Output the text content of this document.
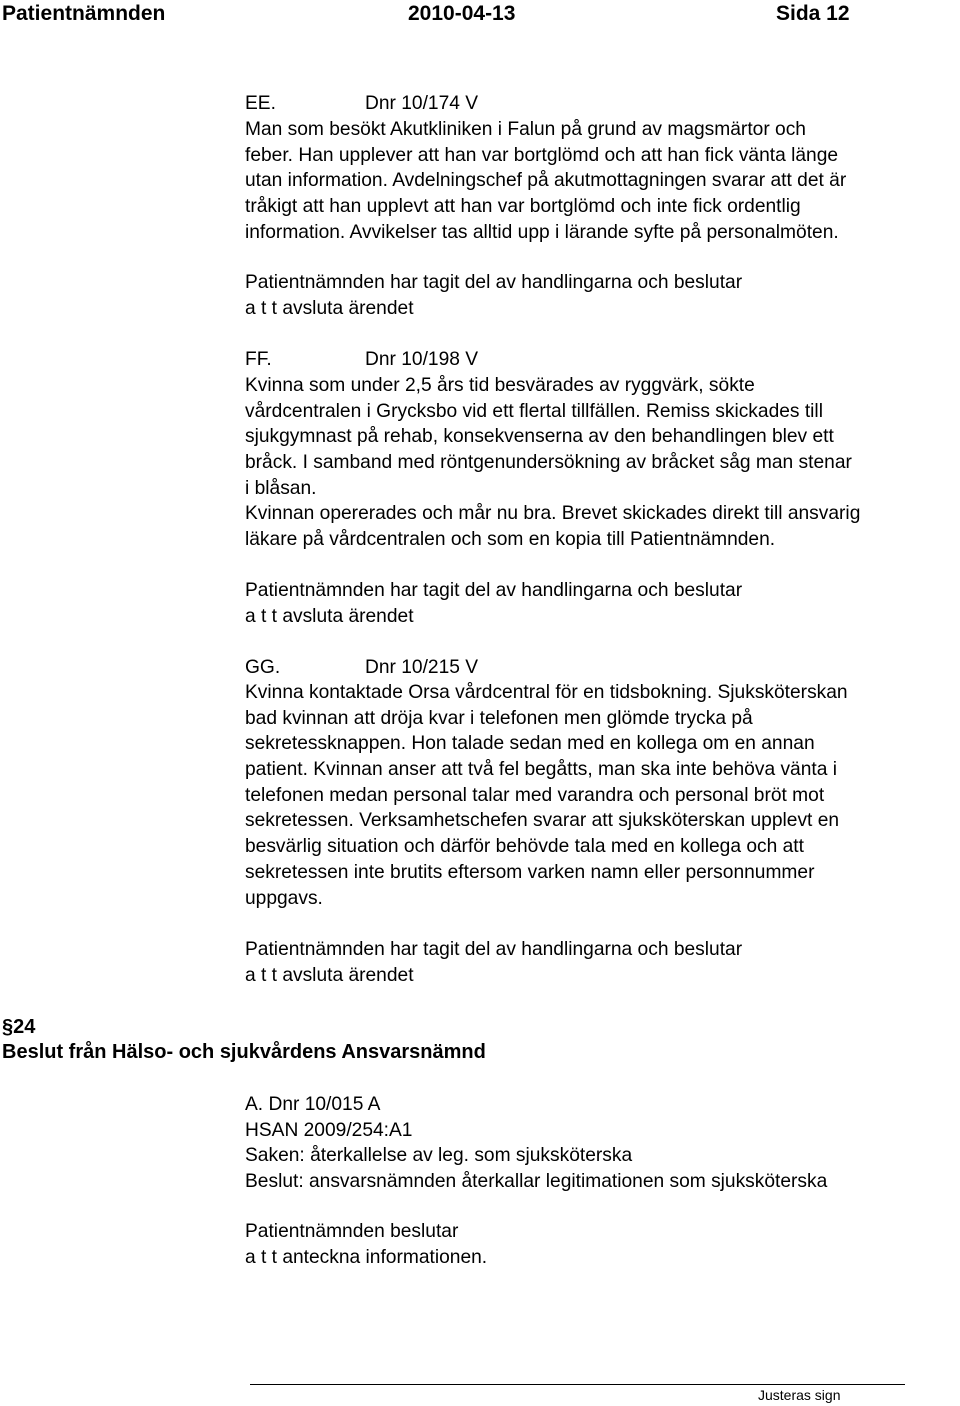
Patientnämnden	2010-04-13	Sida 12
EE.	Dnr 10/174 V
Man som besökt Akutkliniken i Falun på grund av magsmärtor och
feber. Han upplever att han var bortglömd och att han fick vänta länge
utan information. Avdelningschef på akutmottagningen svarar att det är
tråkigt att han upplevt att han var bortglömd och inte fick ordentlig
information. Avvikelser tas alltid upp i lärande syfte på personalmöten.
Patientnämnden har tagit del av handlingarna och beslutar
a t t avsluta ärendet
FF.	Dnr 10/198 V
Kvinna som under 2,5 års tid besvärades av ryggvärk, sökte
vårdcentralen i Grycksbo vid ett flertal tillfällen. Remiss skickades till
sjukgymnast på rehab, konsekvenserna av den behandlingen blev ett
bråck. I samband med röntgenundersökning av bråcket såg man stenar
i blåsan.
Kvinnan opererades och mår nu bra. Brevet skickades direkt till ansvarig
läkare på vårdcentralen och som en kopia till Patientnämnden.
Patientnämnden har tagit del av handlingarna och beslutar
a t t avsluta ärendet
GG.	Dnr 10/215 V
Kvinna kontaktade Orsa vårdcentral för en tidsbokning. Sjuksköterskan
bad kvinnan att dröja kvar i telefonen men glömde trycka på
sekretessknappen. Hon talade sedan med en kollega om en annan
patient. Kvinnan anser att två fel begåtts, man ska inte behöva vänta i
telefonen medan personal talar med varandra och personal bröt mot
sekretessen. Verksamhetschefen svarar att sjuksköterskan upplevt en
besvärlig situation och därför behövde tala med en kollega och att
sekretessen inte brutits eftersom varken namn eller personnummer
uppgavs.
Patientnämnden har tagit del av handlingarna och beslutar
a t t avsluta ärendet
§24
Beslut från Hälso- och sjukvårdens Ansvarsnämnd
A. Dnr 10/015 A
HSAN 2009/254:A1
Saken: återkallelse av leg. som sjuksköterska
Beslut: ansvarsnämnden återkallar legitimationen som sjuksköterska
Patientnämnden beslutar
a t t anteckna informationen.
Justeras sign
